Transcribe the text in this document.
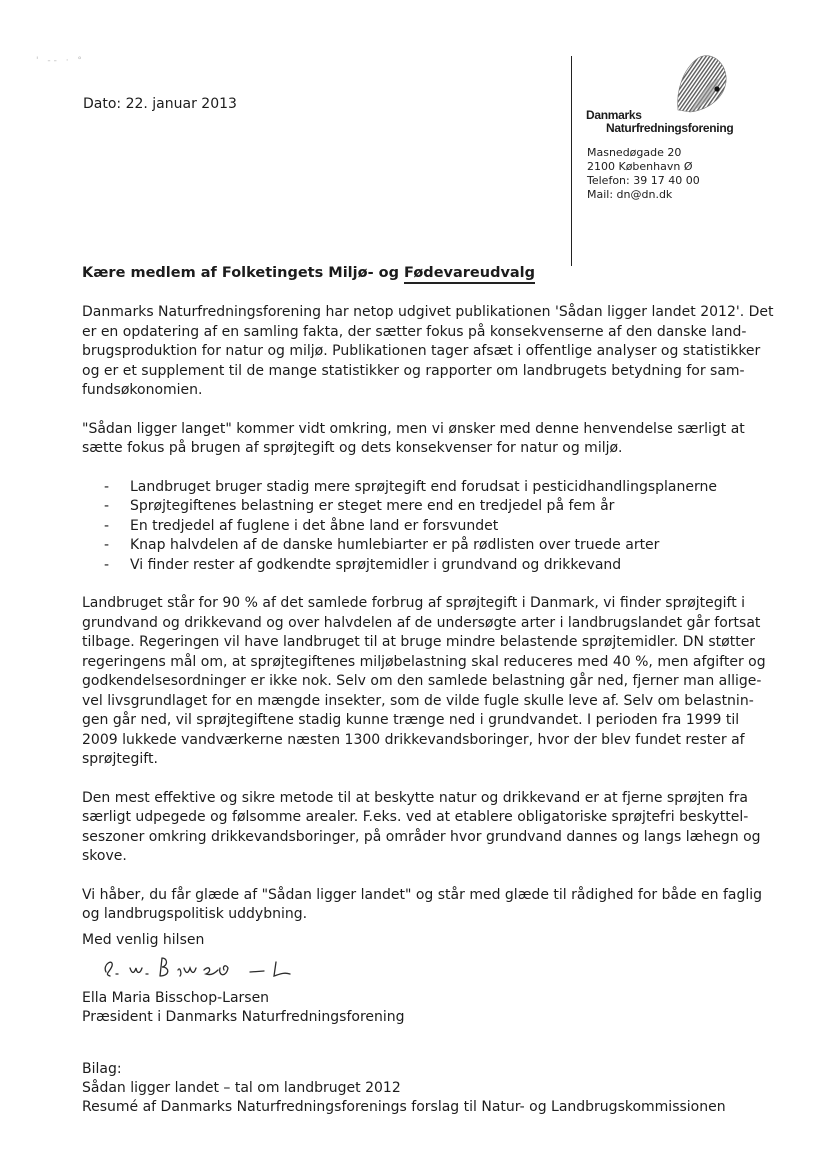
' -- · °
Dato: 22. januar 2013
Danmarks
Naturfredningsforening
Masnedøgade 20
2100 København Ø
Telefon: 39 17 40 00
Mail: dn@dn.dk
Kære medlem af Folketingets Miljø- og Fødevareudvalg

Danmarks Naturfredningsforening har netop udgivet publikationen 'Sådan ligger landet 2012'. Det
er en opdatering af en samling fakta, der sætter fokus på konsekvenserne af den danske land-
brugsproduktion for natur og miljø. Publikationen tager afsæt i offentlige analyser og statistikker
og er et supplement til de mange statistikker og rapporter om landbrugets betydning for sam-
fundsøkonomien.

"Sådan ligger langet" kommer vidt omkring, men vi ønsker med denne henvendelse særligt at
sætte fokus på brugen af sprøjtegift og dets konsekvenser for natur og miljø.

- Landbruget bruger stadig mere sprøjtegift end forudsat i pesticidhandlingsplanerne
- Sprøjtegiftenes belastning er steget mere end en tredjedel på fem år
- En tredjedel af fuglene i det åbne land er forsvundet
- Knap halvdelen af de danske humlebiarter er på rødlisten over truede arter
- Vi finder rester af godkendte sprøjtemidler i grundvand og drikkevand

Landbruget står for 90 % af det samlede forbrug af sprøjtegift i Danmark, vi finder sprøjtegift i
grundvand og drikkevand og over halvdelen af de undersøgte arter i landbrugslandet går fortsat
tilbage. Regeringen vil have landbruget til at bruge mindre belastende sprøjtemidler. DN støtter
regeringens mål om, at sprøjtegiftenes miljøbelastning skal reduceres med 40 %, men afgifter og
godkendelsesordninger er ikke nok. Selv om den samlede belastning går ned, fjerner man allige-
vel livsgrundlaget for en mængde insekter, som de vilde fugle skulle leve af. Selv om belastnin-
gen går ned, vil sprøjtegiftene stadig kunne trænge ned i grundvandet. I perioden fra 1999 til
2009 lukkede vandværkerne næsten 1300 drikkevandsboringer, hvor der blev fundet rester af
sprøjtegift.

Den mest effektive og sikre metode til at beskytte natur og drikkevand er at fjerne sprøjten fra
særligt udpegede og følsomme arealer. F.eks. ved at etablere obligatoriske sprøjtefri beskyttel-
seszoner omkring drikkevandsboringer, på områder hvor grundvand dannes og langs læhegn og
skove.

Vi håber, du får glæde af "Sådan ligger landet" og står med glæde til rådighed for både en faglig
og landbrugspolitisk uddybning.

Med venlig hilsen
Ella Maria Bisschop-Larsen
Præsident i Danmarks Naturfredningsforening
Bilag:
Sådan ligger landet – tal om landbruget 2012
Resumé af Danmarks Naturfredningsforenings forslag til Natur- og Landbrugskommissionen
